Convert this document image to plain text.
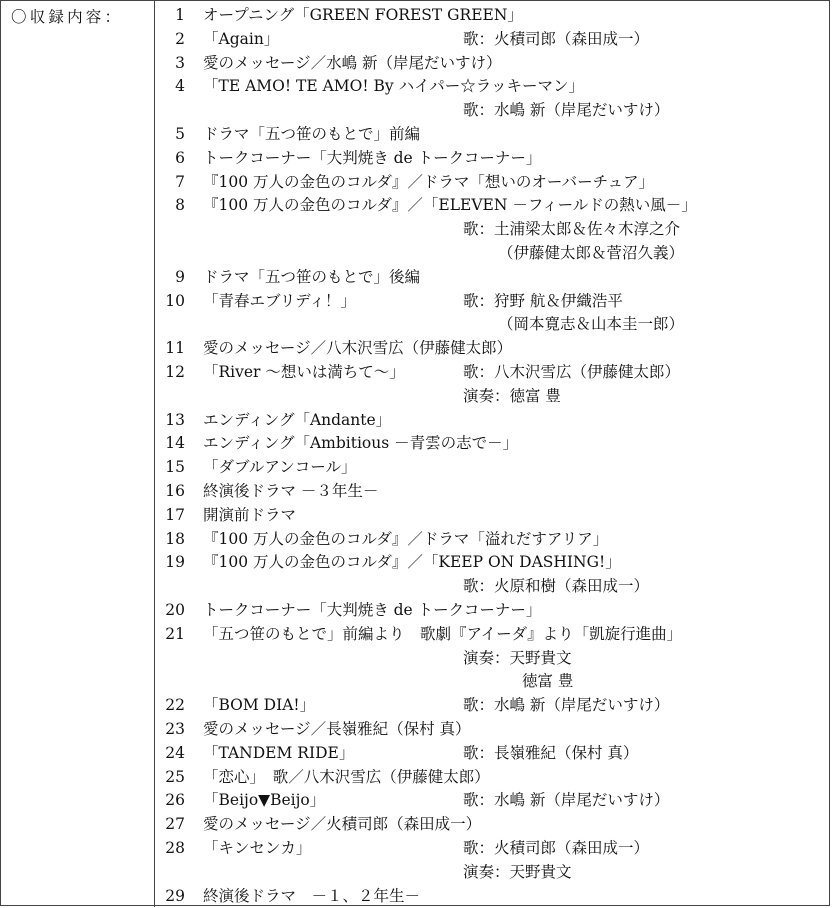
〇収録内容：	1 オープニング「GREEN FOREST GREEN」
2 「Again」	歌：火積司郎（森田成一）
3 愛のメッセージ／水嶋 新（岸尾だいすけ）
4 「TE AMO! TE AMO! By ハイパー☆ラッキーマン」
歌：水嶋 新（岸尾だいすけ）
5 ドラマ「五つ笹のもとで」前編
6 トークコーナー「大判焼き de トークコーナー」
7 『100 万人の金色のコルダ』／ドラマ「想いのオーバーチュア」
8 『100 万人の金色のコルダ』／「ELEVEN －フィールドの熱い風－」
歌：土浦梁太郎＆佐々木淳之介
（伊藤健太郎＆菅沼久義）
9 ドラマ「五つ笹のもとで」後編
10 「青春エブリディ！」	歌：狩野 航＆伊織浩平
（岡本寛志＆山本圭一郎）
11 愛のメッセージ／八木沢雪広（伊藤健太郎）
12 「River ～想いは満ちて～」	歌：八木沢雪広（伊藤健太郎）
演奏：徳富 豊
13 エンディング「Andante」
14 エンディング「Ambitious －青雲の志で－」
15 「ダブルアンコール」
16 終演後ドラマ －３年生－
17 開演前ドラマ
18 『100 万人の金色のコルダ』／ドラマ「溢れだすアリア」
19 『100 万人の金色のコルダ』／「KEEP ON DASHING!」
歌：火原和樹（森田成一）
20 トークコーナー「大判焼き de トークコーナー」
21 「五つ笹のもとで」前編より　歌劇『アイーダ』より「凱旋行進曲」
演奏：天野貴文
徳富 豊
22 「BOM DIA!」	歌：水嶋 新（岸尾だいすけ）
23 愛のメッセージ／長嶺雅紀（保村 真）
24 「TANDEM RIDE」	歌：長嶺雅紀（保村 真）
25 「恋心」　歌／八木沢雪広（伊藤健太郎）
26 「Beijo▼Beijo」	歌：水嶋 新（岸尾だいすけ）
27 愛のメッセージ／火積司郎（森田成一）
28 「キンセンカ」	歌：火積司郎（森田成一）
演奏：天野貴文
29 終演後ドラマ　－１、２年生－
